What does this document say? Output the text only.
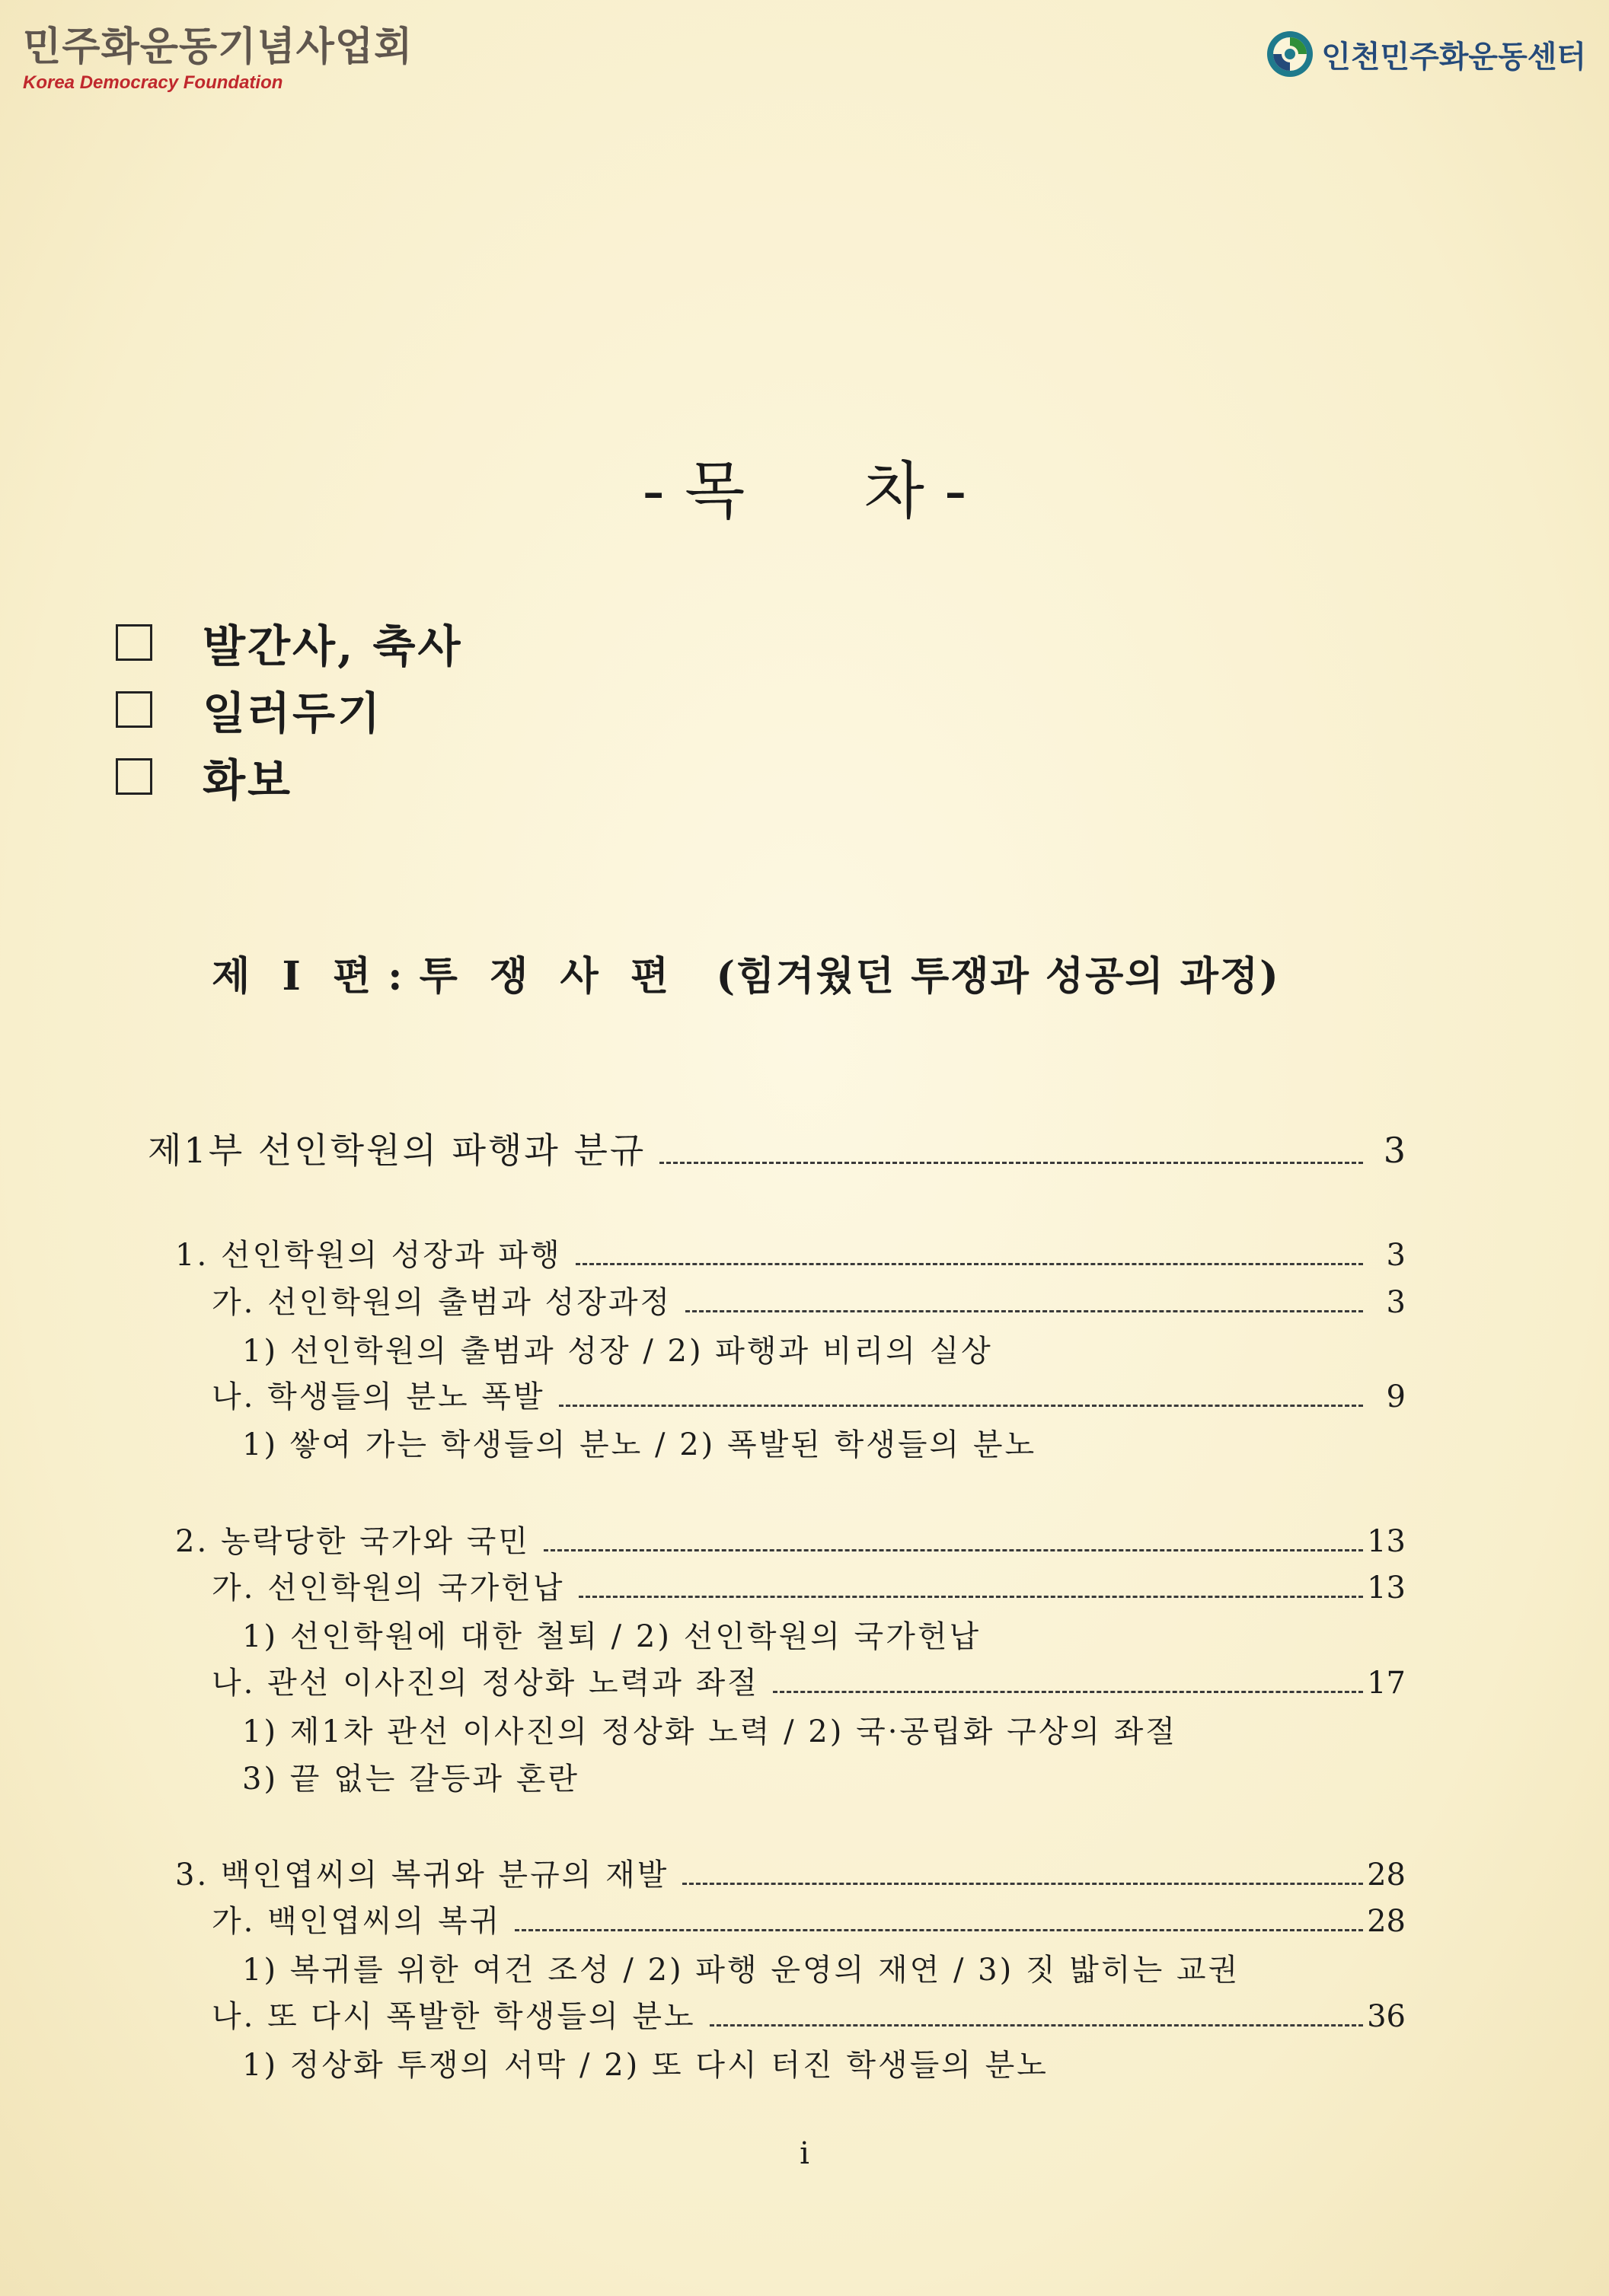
민주화운동기념사업회
Korea Democracy Foundation
인천민주화운동센터
- 목      차 -
발간사, 축사
일러두기
화보
제  Ⅰ  편 : 투  쟁  사  편   (힘겨웠던 투쟁과 성공의 과정)
제1부 선인학원의 파행과 분규	3
1. 선인학원의 성장과 파행	3
가. 선인학원의 출범과 성장과정	3
1) 선인학원의 출범과 성장 / 2) 파행과 비리의 실상
나. 학생들의 분노 폭발	9
1) 쌓여 가는 학생들의 분노 / 2) 폭발된 학생들의 분노
2. 농락당한 국가와 국민	13
가. 선인학원의 국가헌납	13
1) 선인학원에 대한 철퇴 / 2) 선인학원의 국가헌납
나. 관선 이사진의 정상화 노력과 좌절	17
1) 제1차 관선 이사진의 정상화 노력 / 2) 국·공립화 구상의 좌절
3) 끝 없는 갈등과 혼란
3. 백인엽씨의 복귀와 분규의 재발	28
가. 백인엽씨의 복귀	28
1) 복귀를 위한 여건 조성 / 2) 파행 운영의 재연 / 3) 짓 밟히는 교권
나. 또 다시 폭발한 학생들의 분노	36
1) 정상화 투쟁의 서막 / 2) 또 다시 터진 학생들의 분노
i
